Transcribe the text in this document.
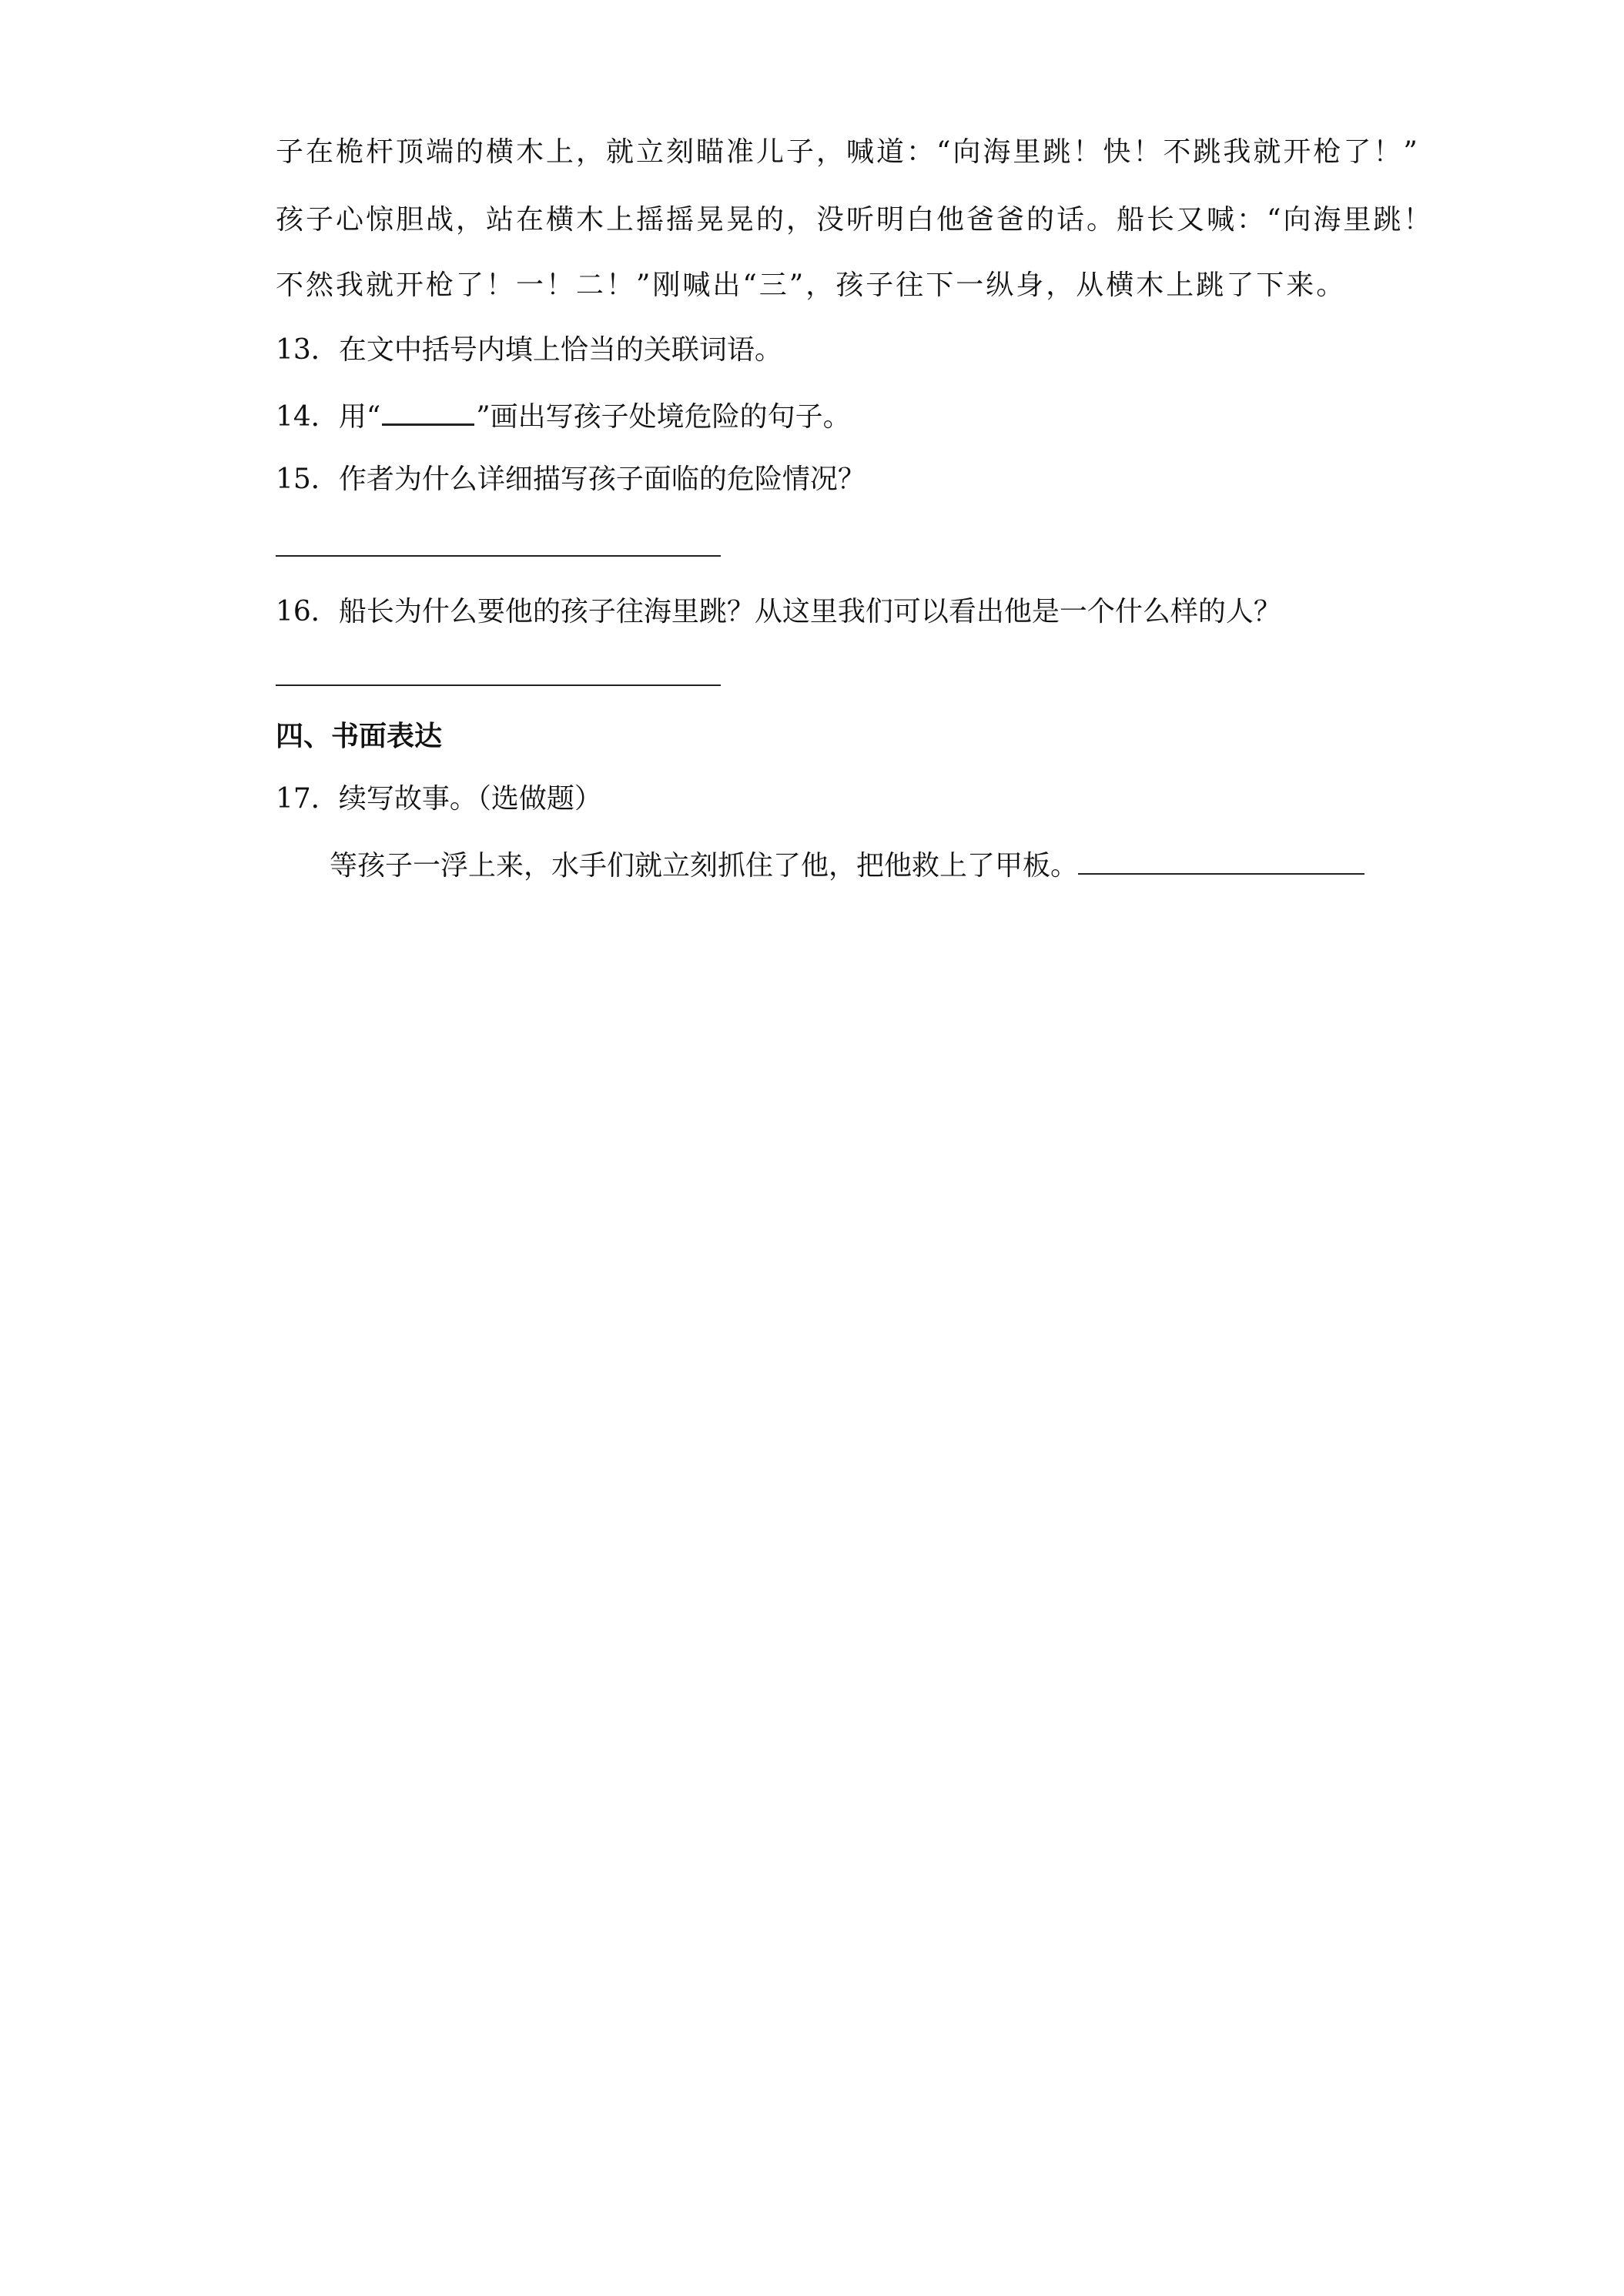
子在桅杆顶端的横木上，就立刻瞄准儿子，喊道：“向海里跳！快！不跳我就开枪了！”
孩子心惊胆战，站在横木上摇摇晃晃的，没听明白他爸爸的话。船长又喊：“向海里跳！
不然我就开枪了！一！二！”刚喊出“三”，孩子往下一纵身，从横木上跳了下来。
13．在文中括号内填上恰当的关联词语。
14．用“	”画出写孩子处境危险的句子。
15．作者为什么详细描写孩子面临的危险情况？
16．船长为什么要他的孩子往海里跳？从这里我们可以看出他是一个什么样的人？
四、书面表达
17．续写故事。（选做题）
等孩子一浮上来，水手们就立刻抓住了他，把他救上了甲板。
